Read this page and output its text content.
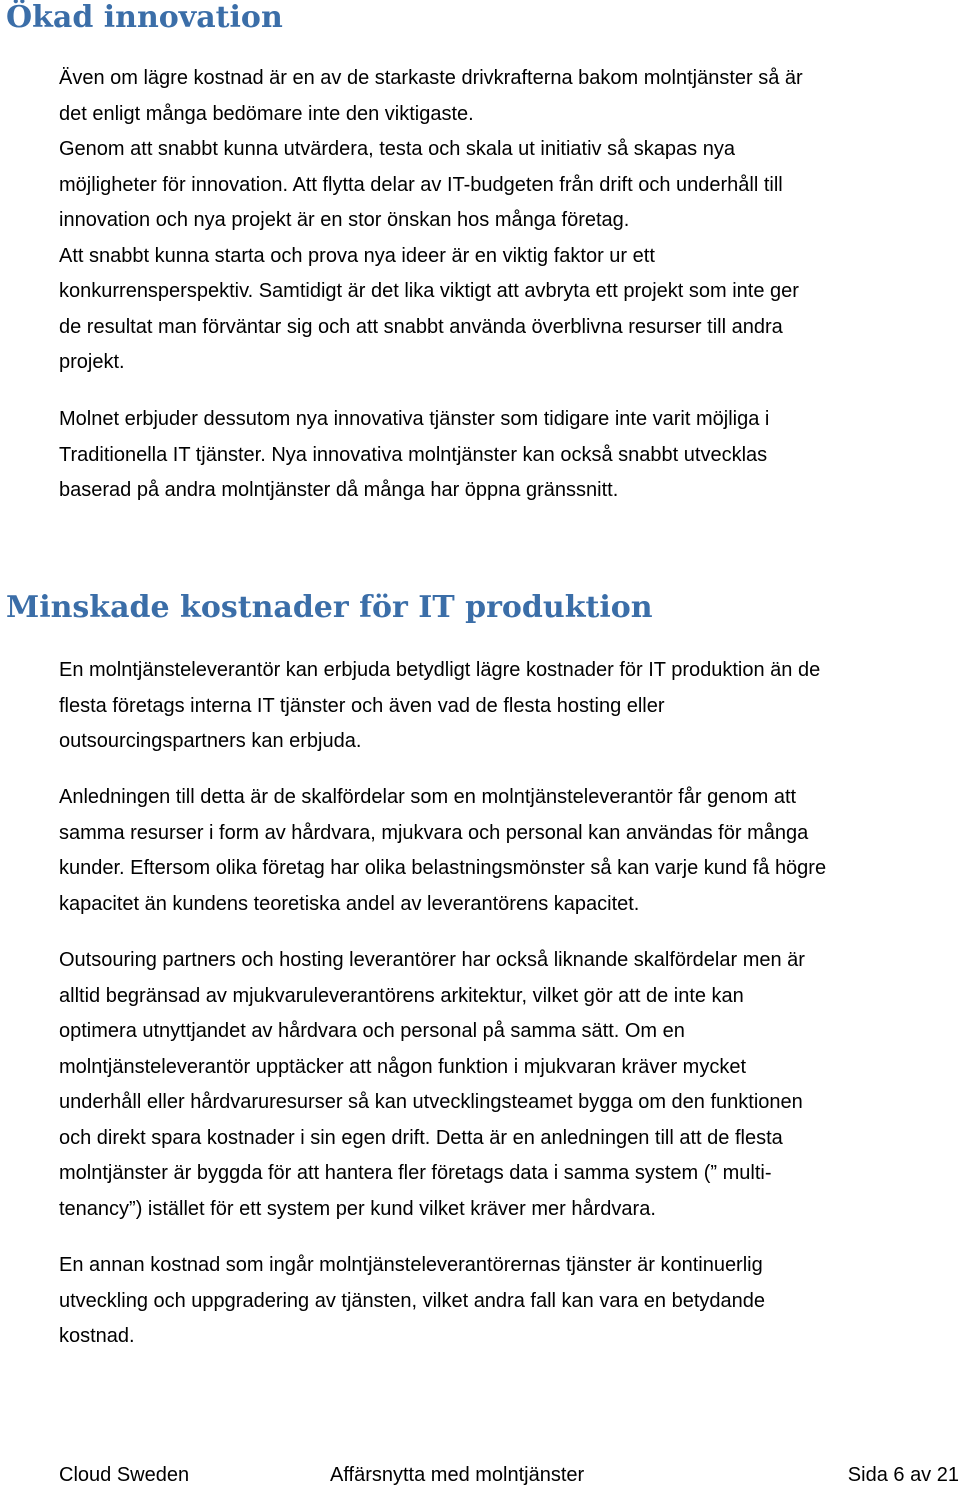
Ökad innovation
Även om lägre kostnad är en av de starkaste drivkrafterna bakom molntjänster så är
det enligt många bedömare inte den viktigaste.
Genom att snabbt kunna utvärdera, testa och skala ut initiativ så skapas nya
möjligheter för innovation. Att flytta delar av IT-budgeten från drift och underhåll till
innovation och nya projekt är en stor önskan hos många företag.
Att snabbt kunna starta och prova nya ideer är en viktig faktor ur ett
konkurrensperspektiv. Samtidigt är det lika viktigt att avbryta ett projekt som inte ger
de resultat man förväntar sig och att snabbt använda överblivna resurser till andra
projekt.
Molnet erbjuder dessutom nya innovativa tjänster som tidigare inte varit möjliga i
Traditionella IT tjänster. Nya innovativa molntjänster kan också snabbt utvecklas
baserad på andra molntjänster då många har öppna gränssnitt.
Minskade kostnader för IT produktion
En molntjänsteleverantör kan erbjuda betydligt lägre kostnader för IT produktion än de
flesta företags interna IT tjänster och även vad de flesta hosting eller
outsourcingspartners kan erbjuda.
Anledningen till detta är de skalfördelar som en molntjänsteleverantör får genom att
samma resurser i form av hårdvara, mjukvara och personal kan användas för många
kunder. Eftersom olika företag har olika belastningsmönster så kan varje kund få högre
kapacitet än kundens teoretiska andel av leverantörens kapacitet.
Outsouring partners och hosting leverantörer har också liknande skalfördelar men är
alltid begränsad av mjukvaruleverantörens arkitektur, vilket gör att de inte kan
optimera utnyttjandet av hårdvara och personal på samma sätt. Om en
molntjänsteleverantör upptäcker att någon funktion i mjukvaran kräver mycket
underhåll eller hårdvaruresurser så kan utvecklingsteamet bygga om den funktionen
och direkt spara kostnader i sin egen drift. Detta är en anledningen till att de flesta
molntjänster är byggda för att hantera fler företags data i samma system (” multi-
tenancy”) istället för ett system per kund vilket kräver mer hårdvara.
En annan kostnad som ingår molntjänsteleverantörernas tjänster är kontinuerlig
utveckling och uppgradering av tjänsten, vilket andra fall kan vara en betydande
kostnad.
Cloud Sweden	Affärsnytta med molntjänster	Sida 6 av 21
